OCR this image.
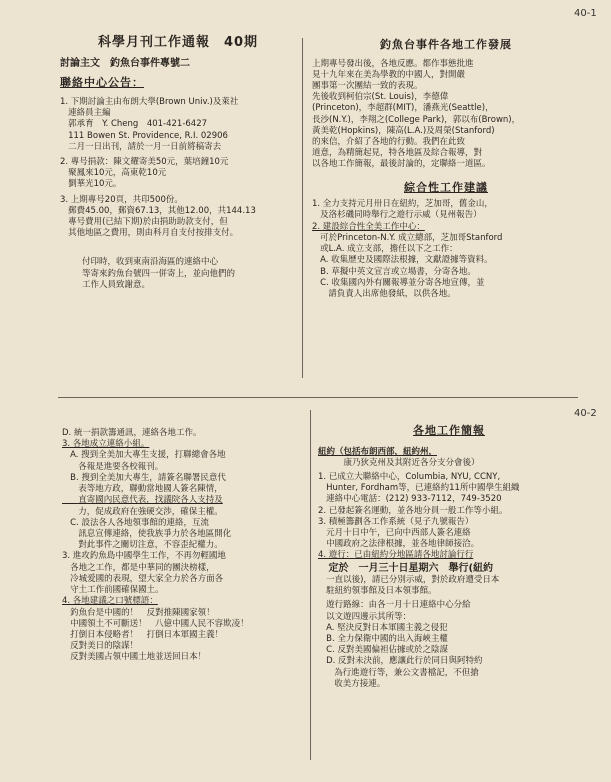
40-1
40-2

科學月刊工作通報　40期

討論主文　釣魚台事件專號二

聯絡中心公告：

1. 下期討論主由布朗大學(Brown Univ.)及萊社

連絡員主編

郭承育　Y. Cheng　401-421-6427

111 Bowen St. Providence, R.I. 02906

二月一日出刊，請於一月一日前將稿寄去

2. 專号捐款：陳文耀寄美50元，葉培鐘10元

聚鳳來10元，高東乾10元

劉華光10元。

3. 上期專号20頁，共印500份。

郵費45.00，郵資67.13，其他12.00，共144.13

專号費用(已結下期)於由捐助助款支付，但

其他地區之費用，則由科月自支付按排支付。

付印時，收到東南沿海區的連絡中心

等寄來釣魚台號四一併寄上，並向他們的

工作人員致謝意。

釣魚台事件各地工作發展

上期專号發出後，各地反應。都作事態批進

見十九年來在美為學教的中國人，對開嚴

團事第一次團結一致的表現。

先後收到柯伯宗(St. Louis)，李德偉

(Princeton)，李超群(MIT)，潘燕光(Seattle)，

長沙(N.Y.)，李翔之(College Park)，郭以布(Brown)，

黃美乾(Hopkins)，陳高(L.A.)及周榮(Stanford)

的來信，介紹了各地的行動。我們在此致

道意，為精簡起見，特各地區及綜合報導，對

以各地工作簡報，最後討論的，定聯絡一道區。

綜合性工作建議

1. 全力支持元月卅日在紐約，芝加哥，舊金山，

及洛杉磯同時舉行之遊行示威（見州報告）

2. 建設綜合性全美工作中心：

可於Princeton-N.Y. 成立總部，芝加哥Stanford

或L.A. 成立支部，擔任以下之工作：

A. 收集歷史及國際法根據，文獻證據等資料。

B. 草擬中英文宣言或立場書，分寄各地。

C. 收集國內外有關報導並分寄各地宣傳，並

請負責人出席他發紙，以供各地。

D. 統一捐款籌通訊，連絡各地工作。

3. 各地成立連絡小組。

A. 搜到全美加大專生支援，打聯總會各地

各報是進要各校報刊。

B. 搜到全美加大專生，請簽名聯署民意代

表等地方政，聯動當地國人簽名陳情，

直寄國內民意代表，找議院各人支持及

力，促成政府在強硬交渉，確保主權。

C. 設法各人各地領事館的連絡，互流

訊息宣傳連絡，使我族爭力於各地區開化

對此事件之關切注意，不容歪紀權力。

3. 進攻釣魚島中國學生工作，不再勿輕國地

各地之工作，都是中華同的團決榜樣，

冷城爱國的表現，望大家全力於各方面各

守土工作前國確保國土。

4. 各地建議之口號標語：

釣魚台是中國的！　反對推陳國家領！

中國領土不可斷送！　八億中國人民不容欺凌！

打倒日本侵略者！　打倒日本軍國主義！

反對美日的陰謀！

反對美國占領中國土地並送回日本！

各地工作簡報

紐約（包括布朗西部，紐約州，

　　　康乃狄克州及其附近各分支分會後）

1. 已成立大聯絡中心，Columbia, NYU, CCNY,

Hunter, Fordham等，已連絡約11所中國學生組織

連絡中心電話：(212) 933-7112，749-3520

2. 已發起簽名運動，並各地分員一般工作等小組。

3. 積極籌劃各工作系統（見子九號報告）

元月十日中午，已向中西部人簽名連絡

中國政府之法律根據，並各地律師接洽。

4. 遊行：已由紐約分地區請各地討論行行

定於　一月三十日星期六　舉行(紐約

一直以後)，請已分別示威，對於政府遭受日本

駐紐約領事館及日本領事館。

遊行路線：由各一月十日連絡中心分給

以文遊四邊示其所等：

A. 堅決反對日本軍國主義之侵犯

B. 全力保衛中國的出入海峽主權

C. 反對美國偏袒佔據或於之陰謀

D. 反對未決前，應讓此行於同日與阿特約

為行進遊行等，兼公文書檔記，不但搶

收美方接連。
